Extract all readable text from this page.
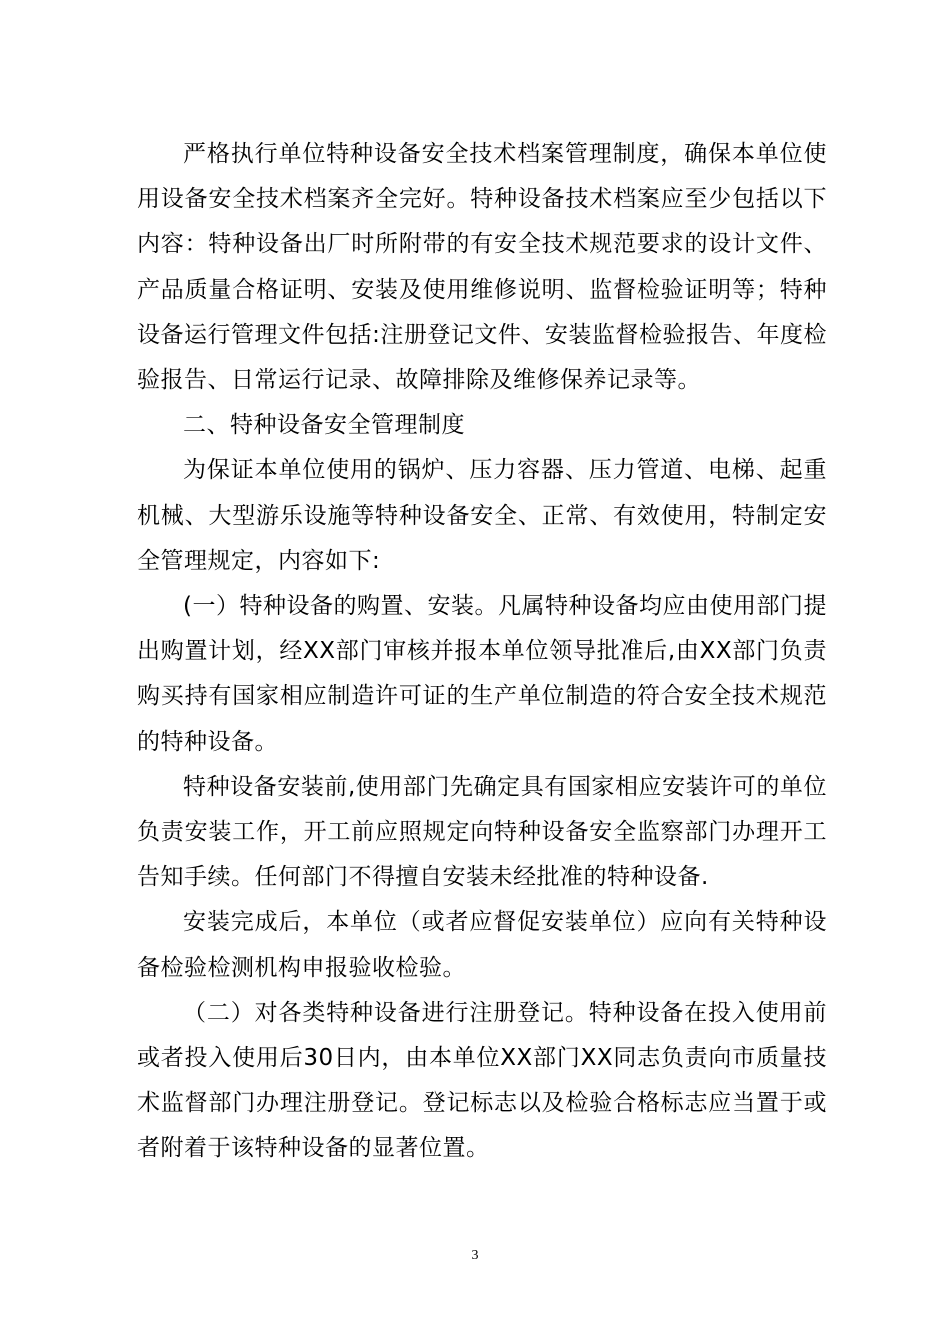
严格执行单位特种设备安全技术档案管理制度，确保本单位使用设备安全技术档案齐全完好。特种设备技术档案应至少包括以下内容：特种设备出厂时所附带的有安全技术规范要求的设计文件、产品质量合格证明、安装及使用维修说明、监督检验证明等；特种设备运行管理文件包括:注册登记文件、安装监督检验报告、年度检验报告、日常运行记录、故障排除及维修保养记录等。

二、特种设备安全管理制度

为保证本单位使用的锅炉、压力容器、压力管道、电梯、起重机械、大型游乐设施等特种设备安全、正常、有效使用，特制定安全管理规定，内容如下:

(一）特种设备的购置、安装。凡属特种设备均应由使用部门提出购置计划，经XX部门审核并报本单位领导批准后,由XX部门负责购买持有国家相应制造许可证的生产单位制造的符合安全技术规范的特种设备。

特种设备安装前,使用部门先确定具有国家相应安装许可的单位负责安装工作，开工前应照规定向特种设备安全监察部门办理开工告知手续。任何部门不得擅自安装未经批准的特种设备.

安装完成后，本单位（或者应督促安装单位）应向有关特种设备检验检测机构申报验收检验。

（二）对各类特种设备进行注册登记。特种设备在投入使用前或者投入使用后30日内，由本单位XX部门XX同志负责向市质量技术监督部门办理注册登记。登记标志以及检验合格标志应当置于或者附着于该特种设备的显著位置。

3
